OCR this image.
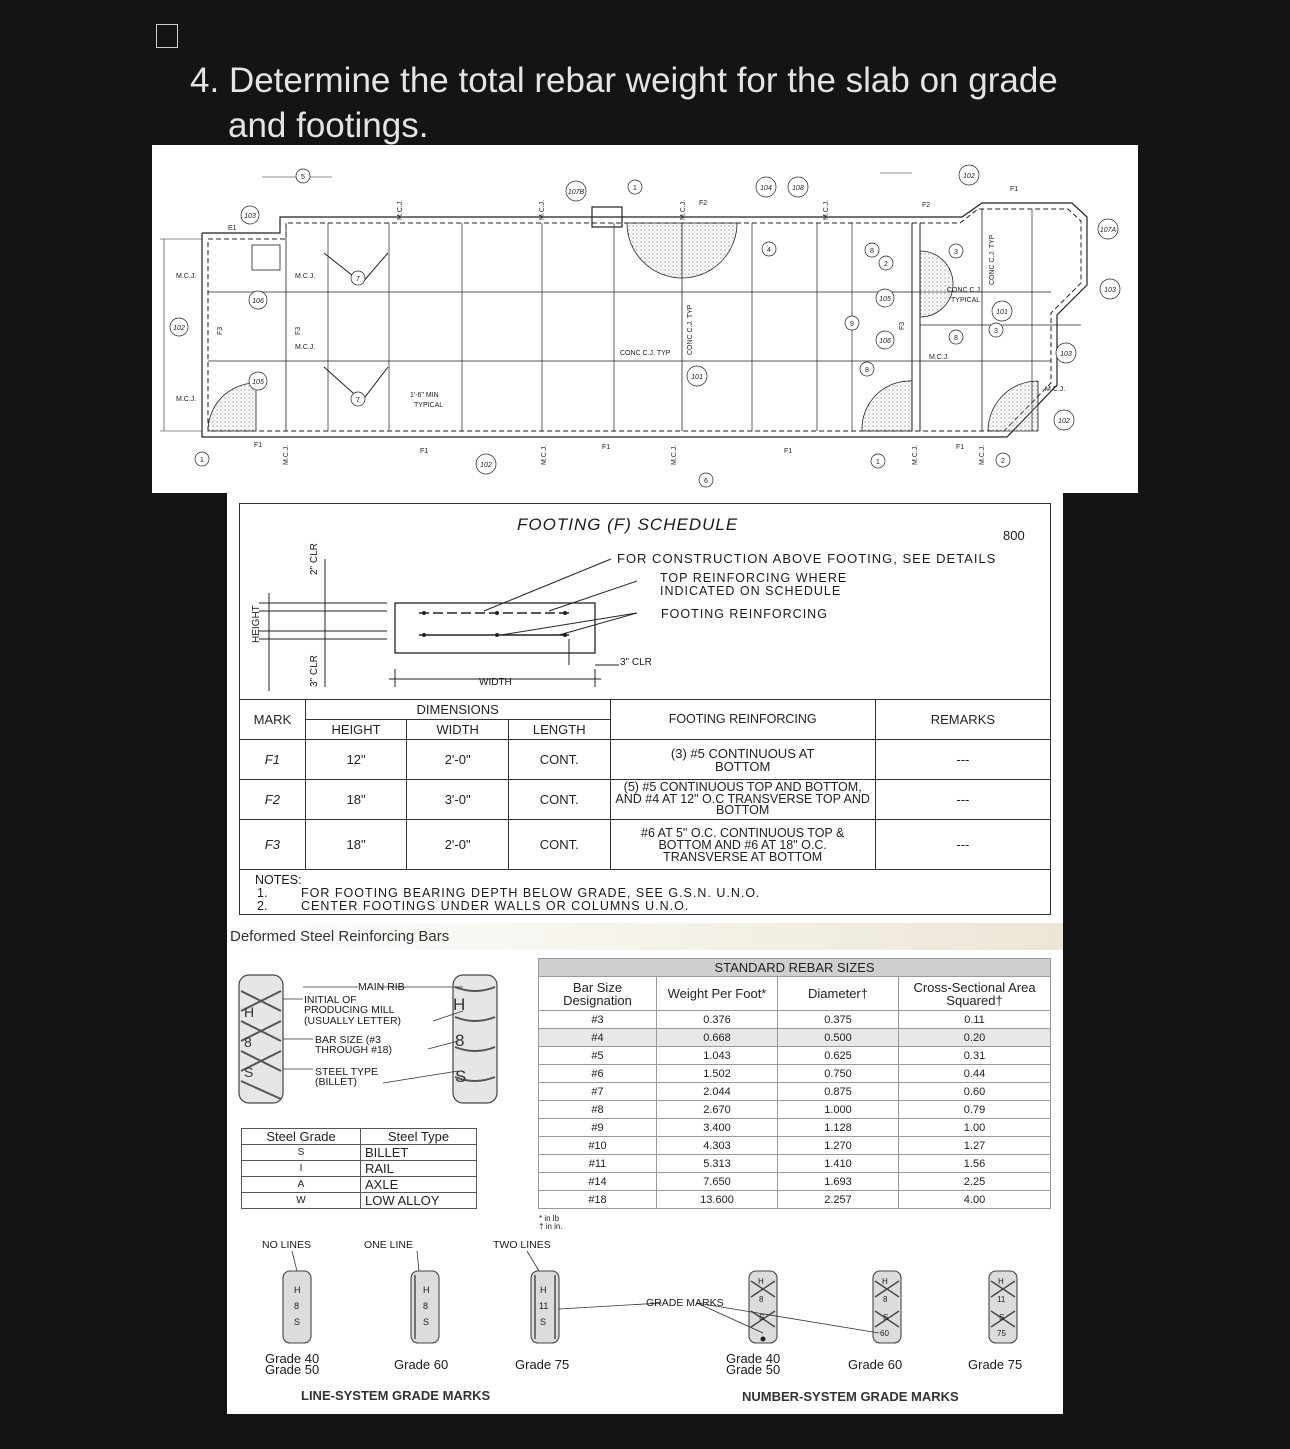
4. Determine the total rebar weight for the slab on grade
and footings.
103
106
105
102
107B
104	108
101
102
105
106
107A
103
101
103
102
102
5
7
7
1
4
6
8
2
8
9
3
8
3
1
1
2
M.C.J.
M.C.J.
M.C.J.
M.C.J.
M.C.J.
M.C.J.
CONC C.J. TYP
CONC C.J.
TYPICAL
1'-6" MIN
TYPICAL
E1
F1
F1
F1
F1
F1
F1
F2	F2
F3	F3
F3
CONC C.J. TYP
CONC C.J. TYP
M.C.J.	M.C.J.	M.C.J.	M.C.J.
M.C.J.	M.C.J.	M.C.J.	M.C.J.	M.C.J.
FOOTING (F) SCHEDULE
800
FOR CONSTRUCTION ABOVE FOOTING, SEE DETAILS
TOP REINFORCING WHERE
INDICATED ON SCHEDULE
FOOTING REINFORCING
2" CLR
3" CLR
HEIGHT
WIDTH
3" CLR
MARK	DIMENSIONS			FOOTING REINFORCING	REMARKS
	HEIGHT	WIDTH	LENGTH		
F1	12"	2'-0"	CONT.	(3) #5 CONTINUOUS AT BOTTOM	---
F2	18"	3'-0"	CONT.	(5) #5 CONTINUOUS TOP AND BOTTOM, AND #4 AT 12" O.C TRANSVERSE TOP AND BOTTOM	---
F3	18"	2'-0"	CONT.	#6 AT 5" O.C. CONTINUOUS TOP & BOTTOM AND #6 AT 18" O.C. TRANSVERSE AT BOTTOM	---
NOTES:
1.	FOR FOOTING BEARING DEPTH BELOW GRADE, SEE G.S.N. U.N.O.
2.	CENTER FOOTINGS UNDER WALLS OR COLUMNS U.N.O.
Deformed Steel Reinforcing Bars
H
8
S
H
8
S
MAIN RIB
INITIAL OF
PRODUCING MILL
(USUALLY LETTER)
BAR SIZE (#3
THROUGH #18)
STEEL TYPE
(BILLET)
Steel Grade	Steel Type
S	BILLET
I	RAIL
A	AXLE
W	LOW ALLOY
STANDARD REBAR SIZES			
Bar Size Designation	Weight Per Foot*	Diameter†	Cross-Sectional Area Squared†
#3	0.376	0.375	0.11
#4	0.668	0.500	0.20
#5	1.043	0.625	0.31
#6	1.502	0.750	0.44
#7	2.044	0.875	0.60
#8	2.670	1.000	0.79
#9	3.400	1.128	1.00
#10	4.303	1.270	1.27
#11	5.313	1.410	1.56
#14	7.650	1.693	2.25
#18	13.600	2.257	4.00
* in lb
† in in.
NO LINES	ONE LINE	TWO LINES
H
8
S
H
8
S
H
11
S
H
8
S
H
8
S
60
H
11
S
75
GRADE MARKS
Grade 40
Grade 50	Grade 60	Grade 75	Grade 40
Grade 50	Grade 60	Grade 75
LINE-SYSTEM GRADE MARKS	NUMBER-SYSTEM GRADE MARKS
